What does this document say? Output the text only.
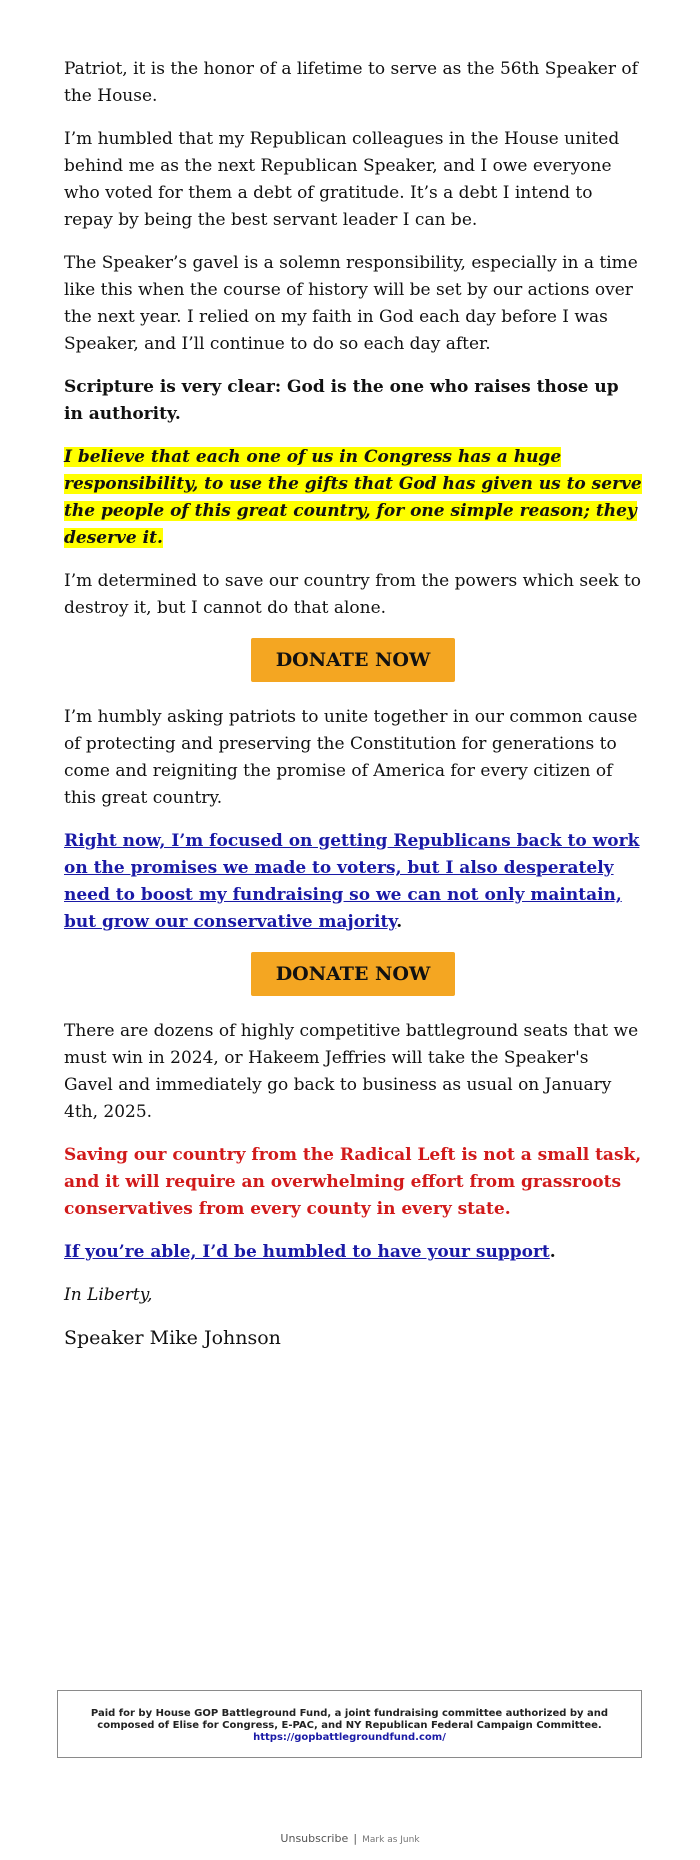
Patriot, it is the honor of a lifetime to serve as the 56th Speaker of the House.

I’m humbled that my Republican colleagues in the House united behind me as the next Republican Speaker, and I owe everyone who voted for them a debt of gratitude. It’s a debt I intend to repay by being the best servant leader I can be.

The Speaker’s gavel is a solemn responsibility, especially in a time like this when the course of history will be set by our actions over the next year. I relied on my faith in God each day before I was Speaker, and I’ll continue to do so each day after.

Scripture is very clear: God is the one who raises those up in authority.

I believe that each one of us in Congress has a huge responsibility, to use the gifts that God has given us to serve the people of this great country, for one simple reason; they deserve it.

I’m determined to save our country from the powers which seek to destroy it, but I cannot do that alone.

DONATE NOW

I’m humbly asking patriots to unite together in our common cause of protecting and preserving the Constitution for generations to come and reigniting the promise of America for every citizen of this great country.

Right now, I’m focused on getting Republicans back to work on the promises we made to voters, but I also desperately need to boost my fundraising so we can not only maintain, but grow our conservative majority.

DONATE NOW

There are dozens of highly competitive battleground seats that we must win in 2024, or Hakeem Jeffries will take the Speaker's Gavel and immediately go back to business as usual on January 4th, 2025.

Saving our country from the Radical Left is not a small task, and it will require an overwhelming effort from grassroots conservatives from every county in every state.

If you’re able, I’d be humbled to have your support.

In Liberty,

Speaker Mike Johnson

Paid for by House GOP Battleground Fund, a joint fundraising committee authorized by and composed of Elise for Congress, E-PAC, and NY Republican Federal Campaign Committee.
https://gopbattlegroundfund.com/
Unsubscribe | Mark as Junk
